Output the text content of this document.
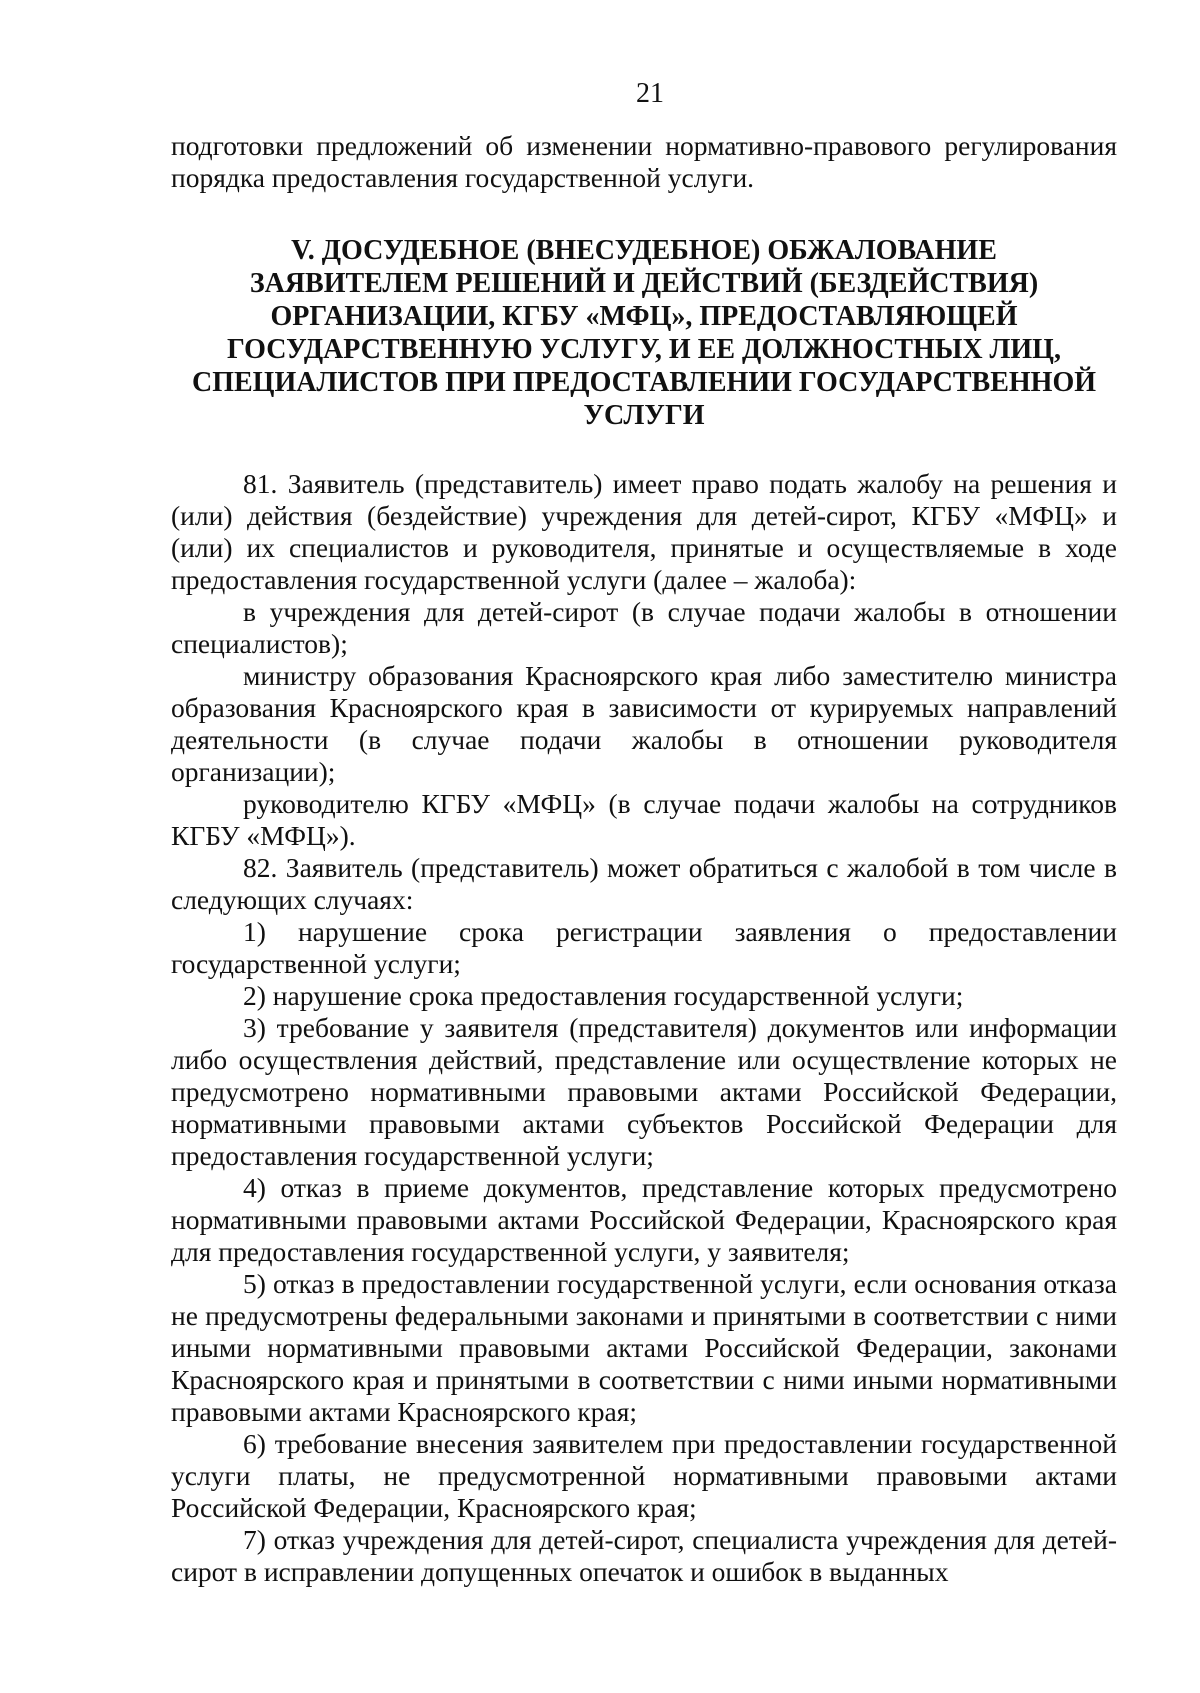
21

подготовки предложений об изменении нормативно-правового регулирования порядка предоставления государственной услуги.

V. ДОСУДЕБНОЕ (ВНЕСУДЕБНОЕ) ОБЖАЛОВАНИЕ
ЗАЯВИТЕЛЕМ РЕШЕНИЙ И ДЕЙСТВИЙ (БЕЗДЕЙСТВИЯ)
ОРГАНИЗАЦИИ, КГБУ «МФЦ», ПРЕДОСТАВЛЯЮЩЕЙ
ГОСУДАРСТВЕННУЮ УСЛУГУ, И ЕЕ ДОЛЖНОСТНЫХ ЛИЦ,
СПЕЦИАЛИСТОВ ПРИ ПРЕДОСТАВЛЕНИИ ГОСУДАРСТВЕННОЙ
УСЛУГИ

81. Заявитель (представитель) имеет право подать жалобу на решения и (или) действия (бездействие) учреждения для детей-сирот, КГБУ «МФЦ» и (или) их специалистов и руководителя, принятые и осуществляемые в ходе предоставления государственной услуги (далее – жалоба):

в учреждения для детей-сирот (в случае подачи жалобы в отношении специалистов);

министру образования Красноярского края либо заместителю министра образования Красноярского края в зависимости от курируемых направлений деятельности (в случае подачи жалобы в отношении руководителя организации);

руководителю КГБУ «МФЦ» (в случае подачи жалобы на сотрудников КГБУ «МФЦ»).

82. Заявитель (представитель) может обратиться с жалобой в том числе в следующих случаях:

1) нарушение срока регистрации заявления о предоставлении государственной услуги;

2) нарушение срока предоставления государственной услуги;

3) требование у заявителя (представителя) документов или информации либо осуществления действий, представление или осуществление которых не предусмотрено нормативными правовыми актами Российской Федерации, нормативными правовыми актами субъектов Российской Федерации для предоставления государственной услуги;

4) отказ в приеме документов, представление которых предусмотрено нормативными правовыми актами Российской Федерации, Красноярского края для предоставления государственной услуги, у заявителя;

5) отказ в предоставлении государственной услуги, если основания отказа не предусмотрены федеральными законами и принятыми в соответствии с ними иными нормативными правовыми актами Российской Федерации, законами Красноярского края и принятыми в соответствии с ними иными нормативными правовыми актами Красноярского края;

6) требование внесения заявителем при предоставлении государственной услуги платы, не предусмотренной нормативными правовыми актами Российской Федерации, Красноярского края;

7) отказ учреждения для детей-сирот, специалиста учреждения для детей-сирот в исправлении допущенных опечаток и ошибок в выданных
